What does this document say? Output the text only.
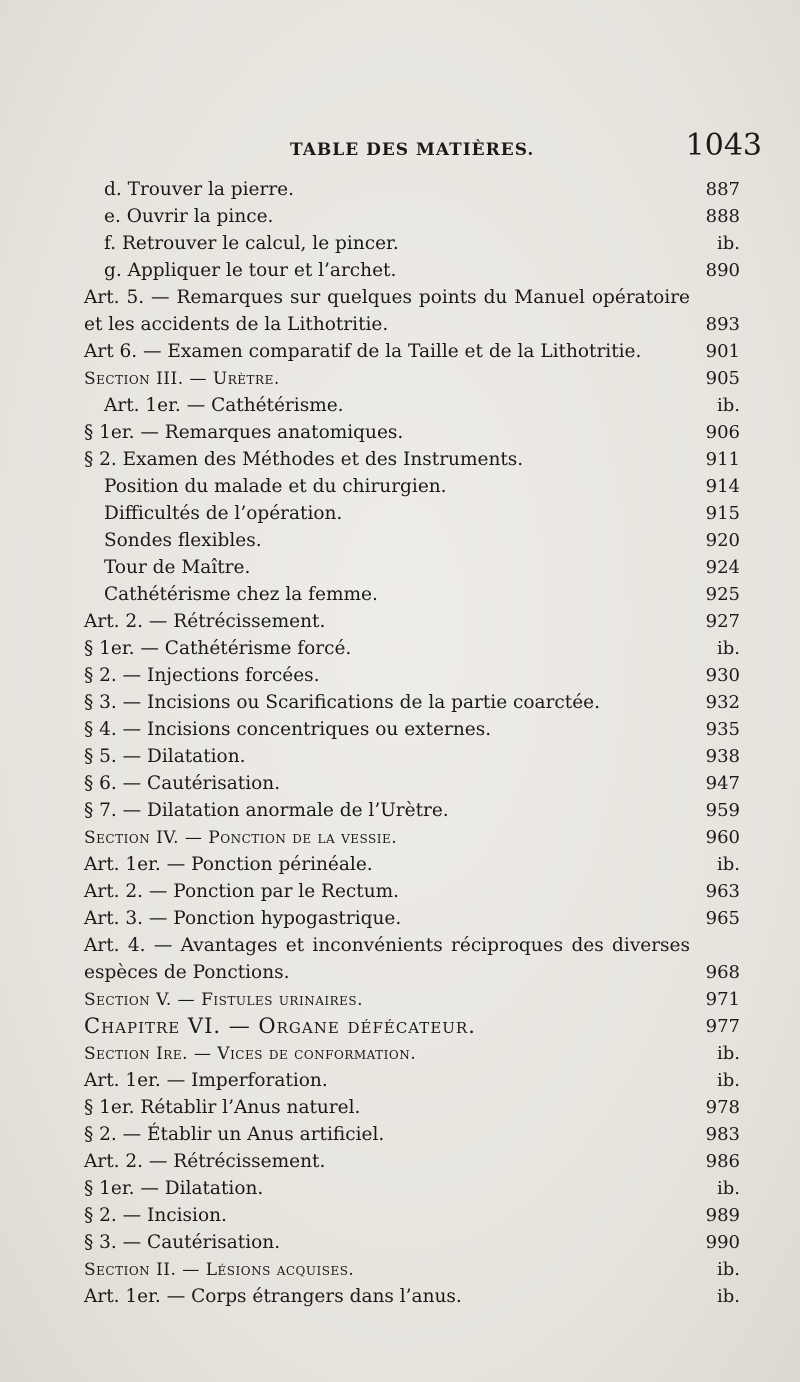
TABLE DES MATIÈRES.	1043
d. Trouver la pierre.	887
e. Ouvrir la pince.	888
f. Retrouver le calcul, le pincer.	ib.
g. Appliquer le tour et l’archet.	890
Art. 5. — Remarques sur quelques points du Manuel opératoire et les accidents de la Lithotritie.	893
Art 6. — Examen comparatif de la Taille et de la Lithotritie.	901
Section III. — Urètre.	905
Art. 1er. — Cathétérisme.	ib.
§ 1er. — Remarques anatomiques.	906
§ 2. Examen des Méthodes et des Instruments.	911
Position du malade et du chirurgien.	914
Difficultés de l’opération.	915
Sondes flexibles.	920
Tour de Maître.	924
Cathétérisme chez la femme.	925
Art. 2. — Rétrécissement.	927
§ 1er. — Cathétérisme forcé.	ib.
§ 2. — Injections forcées.	930
§ 3. — Incisions ou Scarifications de la partie coarctée.	932
§ 4. — Incisions concentriques ou externes.	935
§ 5. — Dilatation.	938
§ 6. — Cautérisation.	947
§ 7. — Dilatation anormale de l’Urètre.	959
Section IV. — Ponction de la vessie.	960
Art. 1er. — Ponction périnéale.	ib.
Art. 2. — Ponction par le Rectum.	963
Art. 3. — Ponction hypogastrique.	965
Art. 4. — Avantages et inconvénients réciproques des diverses espèces de Ponctions.	968
Section V. — Fistules urinaires.	971
Chapitre VI. — Organe défécateur.	977
Section Ire. — Vices de conformation.	ib.
Art. 1er. — Imperforation.	ib.
§ 1er. Rétablir l’Anus naturel.	978
§ 2. — Établir un Anus artificiel.	983
Art. 2. — Rétrécissement.	986
§ 1er. — Dilatation.	ib.
§ 2. — Incision.	989
§ 3. — Cautérisation.	990
Section II. — Lésions acquises.	ib.
Art. 1er. — Corps étrangers dans l’anus.	ib.
